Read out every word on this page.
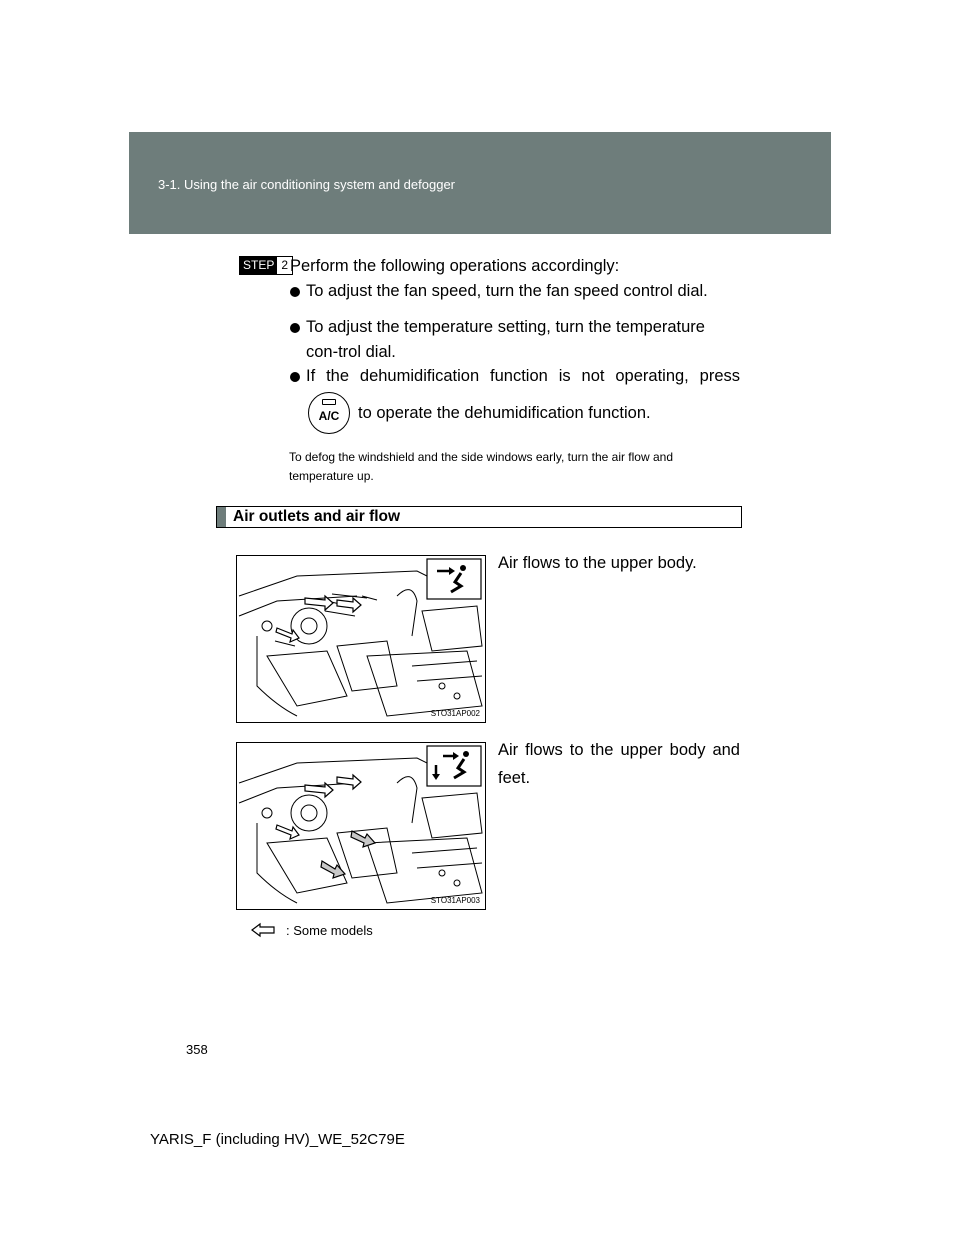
3-1. Using the air conditioning system and defogger
STEP 2 Perform the following operations accordingly:
To adjust the fan speed, turn the fan speed control dial.
To adjust the temperature setting, turn the temperature con-trol dial.
If the dehumidification function is not operating, press
A/C	to operate the dehumidification function.
To defog the windshield and the side windows early, turn the air flow and temperature up.
Air outlets and air flow
STO31AP002
Air flows to the upper body.
STO31AP003
Air flows to the upper body and feet.
: Some models
358
YARIS_F (including HV)_WE_52C79E
